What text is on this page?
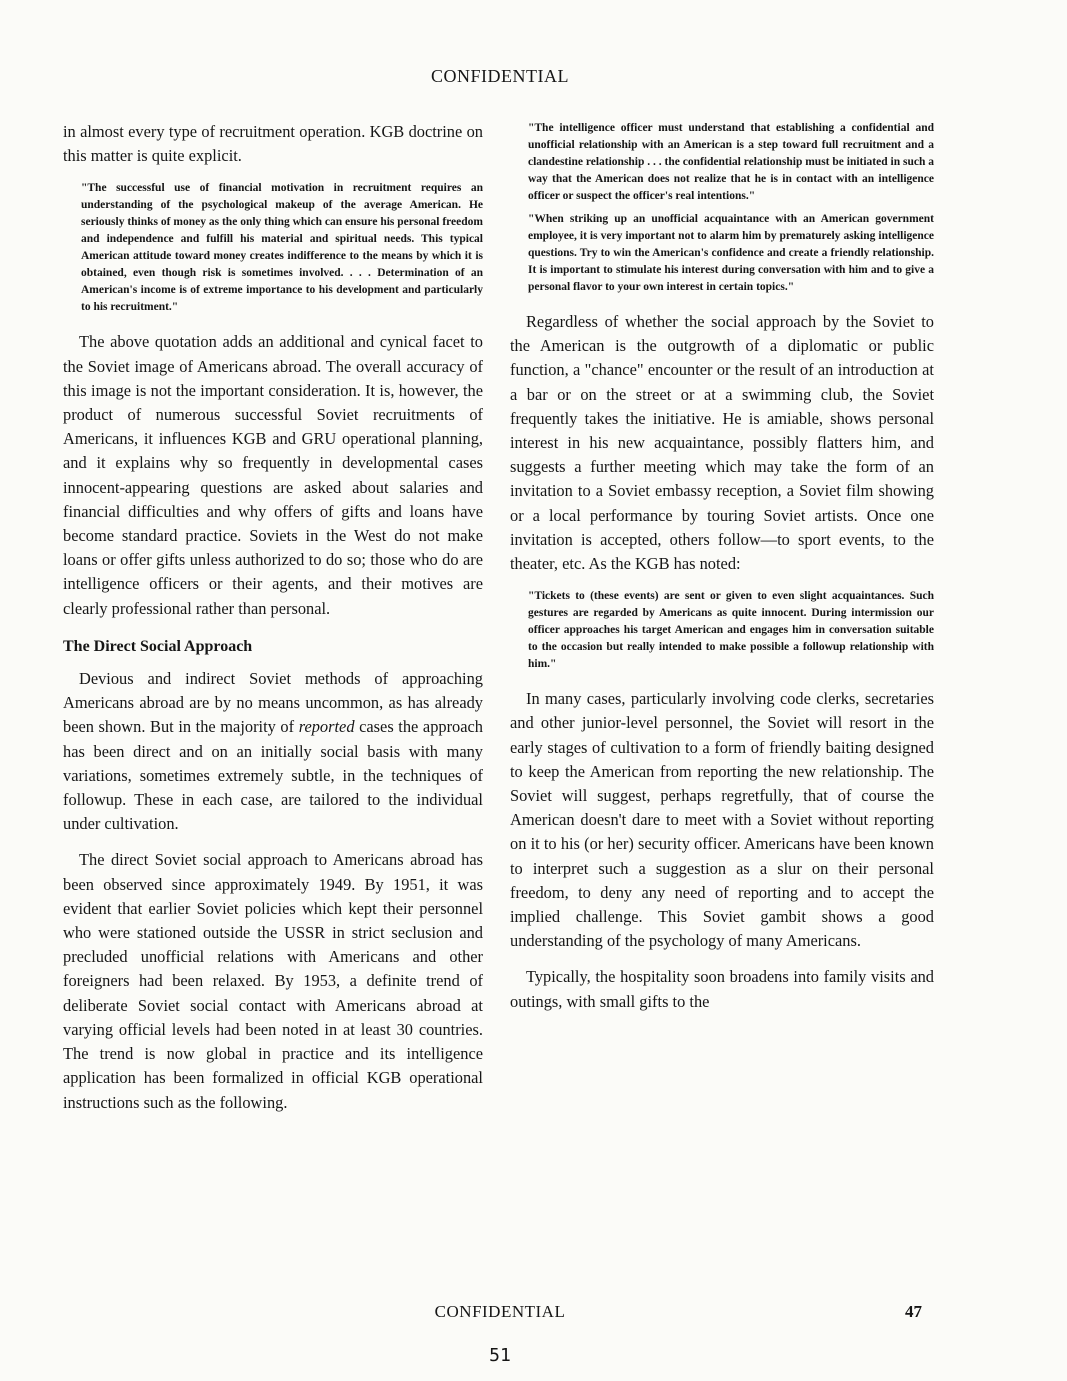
CONFIDENTIAL

in almost every type of recruitment operation. KGB doctrine on this matter is quite explicit.

"The successful use of financial motivation in recruitment requires an understanding of the psychological makeup of the average American. He seriously thinks of money as the only thing which can ensure his personal freedom and independence and fulfill his material and spiritual needs. This typical American attitude toward money creates indifference to the means by which it is obtained, even though risk is sometimes involved. . . . Determination of an American's income is of extreme importance to his development and particularly to his recruitment."

The above quotation adds an additional and cynical facet to the Soviet image of Americans abroad. The overall accuracy of this image is not the important consideration. It is, however, the product of numerous successful Soviet recruitments of Americans, it influences KGB and GRU operational planning, and it explains why so frequently in developmental cases innocent-appearing questions are asked about salaries and financial difficulties and why offers of gifts and loans have become standard practice. Soviets in the West do not make loans or offer gifts unless authorized to do so; those who do are intelligence officers or their agents, and their motives are clearly professional rather than personal.

The Direct Social Approach

Devious and indirect Soviet methods of approaching Americans abroad are by no means uncommon, as has already been shown. But in the majority of reported cases the approach has been direct and on an initially social basis with many variations, sometimes extremely subtle, in the techniques of followup. These in each case, are tailored to the individual under cultivation.

The direct Soviet social approach to Americans abroad has been observed since approximately 1949. By 1951, it was evident that earlier Soviet policies which kept their personnel who were stationed outside the USSR in strict seclusion and precluded unofficial relations with Americans and other foreigners had been relaxed. By 1953, a definite trend of deliberate Soviet social contact with Americans abroad at varying official levels had been noted in at least 30 countries. The trend is now global in practice and its intelligence application has been formalized in official KGB operational instructions such as the following.

"The intelligence officer must understand that establishing a confidential and unofficial relationship with an American is a step toward full recruitment and a clandestine relationship . . . the confidential relationship must be initiated in such a way that the American does not realize that he is in contact with an intelligence officer or suspect the officer's real intentions."
"When striking up an unofficial acquaintance with an American government employee, it is very important not to alarm him by prematurely asking intelligence questions. Try to win the American's confidence and create a friendly relationship. It is important to stimulate his interest during conversation with him and to give a personal flavor to your own interest in certain topics."

Regardless of whether the social approach by the Soviet to the American is the outgrowth of a diplomatic or public function, a "chance" encounter or the result of an introduction at a bar or on the street or at a swimming club, the Soviet frequently takes the initiative. He is amiable, shows personal interest in his new acquaintance, possibly flatters him, and suggests a further meeting which may take the form of an invitation to a Soviet embassy reception, a Soviet film showing or a local performance by touring Soviet artists. Once one invitation is accepted, others follow—to sport events, to the theater, etc. As the KGB has noted:

"Tickets to (these events) are sent or given to even slight acquaintances. Such gestures are regarded by Americans as quite innocent. During intermission our officer approaches his target American and engages him in conversation suitable to the occasion but really intended to make possible a followup relationship with him."

In many cases, particularly involving code clerks, secretaries and other junior-level personnel, the Soviet will resort in the early stages of cultivation to a form of friendly baiting designed to keep the American from reporting the new relationship. The Soviet will suggest, perhaps regretfully, that of course the American doesn't dare to meet with a Soviet without reporting on it to his (or her) security officer. Americans have been known to interpret such a suggestion as a slur on their personal freedom, to deny any need of reporting and to accept the implied challenge. This Soviet gambit shows a good understanding of the psychology of many Americans.

Typically, the hospitality soon broadens into family visits and outings, with small gifts to the

CONFIDENTIAL	47
51
